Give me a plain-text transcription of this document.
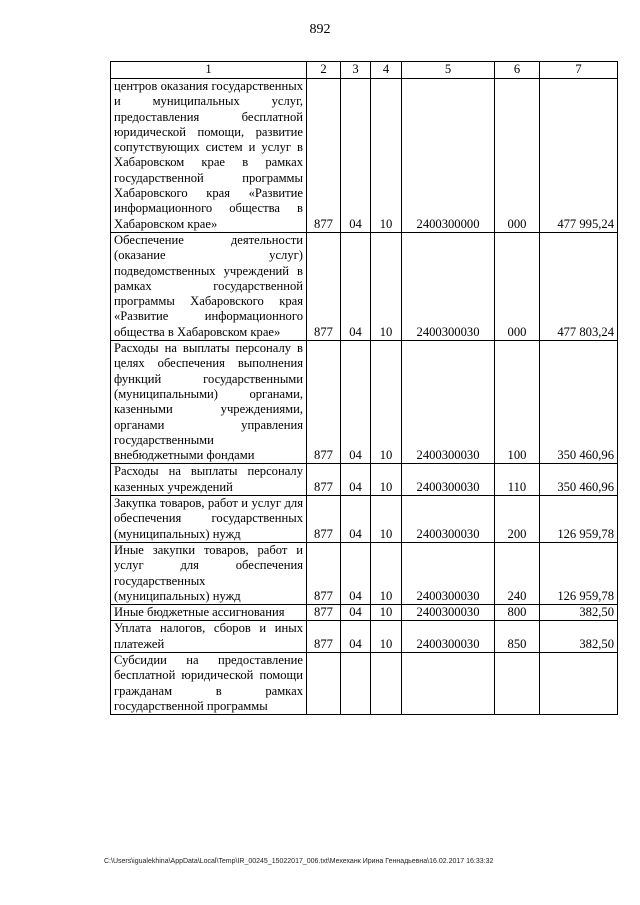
892
1	2	3	4	5	6	7
центров оказания государственных и муниципальных услуг, предоставления бесплатной юридической помощи, развитие сопутствующих систем и услуг в Хабаровском крае в рамках государственной программы Хабаровского края «Развитие информационного общества в Хабаровском крае»	877	04	10	2400300000	000	477 995,24
Обеспечение деятельности (оказание услуг) подведомственных учреждений в рамках государственной программы Хабаровского края «Развитие информационного общества в Хабаровском крае»	877	04	10	2400300030	000	477 803,24
Расходы на выплаты персоналу в целях обеспечения выполнения функций государственными (муниципальными) органами, казенными учреждениями, органами управления государственными внебюджетными фондами	877	04	10	2400300030	100	350 460,96
Расходы на выплаты персоналу казенных учреждений	877	04	10	2400300030	110	350 460,96
Закупка товаров, работ и услуг для обеспечения государственных (муниципальных) нужд	877	04	10	2400300030	200	126 959,78
Иные закупки товаров, работ и услуг для обеспечения государственных (муниципальных) нужд	877	04	10	2400300030	240	126 959,78
Иные бюджетные ассигнования	877	04	10	2400300030	800	382,50
Уплата налогов, сборов и иных платежей	877	04	10	2400300030	850	382,50
Субсидии на предоставление бесплатной юридической помощи гражданам в рамках государственной программы						
C:\Users\igualekhina\AppData\Local\Temp\IR_00245_15022017_006.txt\Мехеханк Ирина Геннадьевна\16.02.2017 16:33:32
